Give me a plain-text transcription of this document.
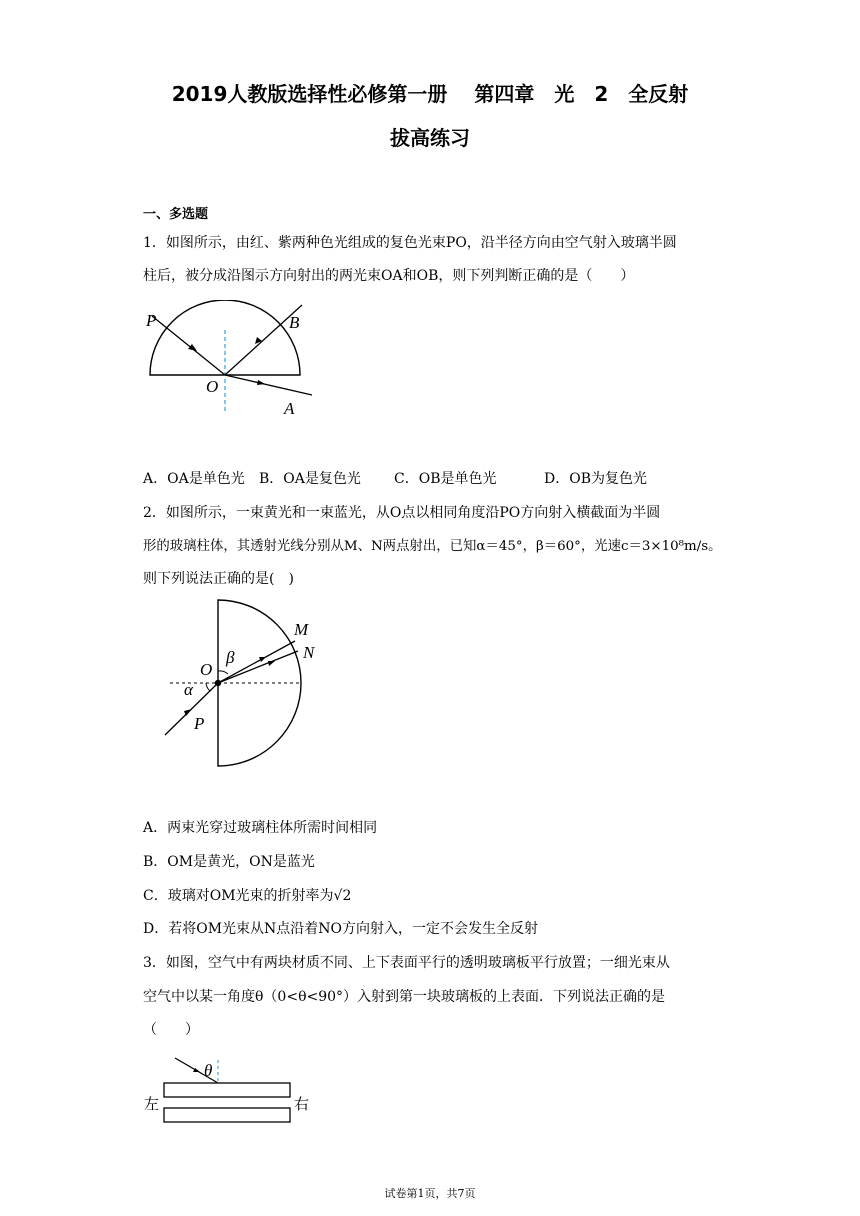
2019人教版选择性必修第一册　 第四章　光　2　全反射
拔高练习
一、多选题
1．如图所示，由红、紫两种色光组成的复色光束PO，沿半径方向由空气射入玻璃半圆
柱后，被分成沿图示方向射出的两光束OA和OB，则下列判断正确的是（　　）
P	B
O
A
A．OA是单色光 B．OA是复色光 C．OB是单色光	D．OB为复色光
2．如图所示，一束黄光和一束蓝光，从O点以相同角度沿PO方向射入横截面为半圆
形的玻璃柱体，其透射光线分别从M、N两点射出，已知α＝45°，β＝60°，光速c＝3×10⁸m/s。
则下列说法正确的是(　)
M
N
O
β
α
P
A．两束光穿过玻璃柱体所需时间相同
B．OM是黄光，ON是蓝光
C．玻璃对OM光束的折射率为√2
D．若将OM光束从N点沿着NO方向射入，一定不会发生全反射
3．如图，空气中有两块材质不同、上下表面平行的透明玻璃板平行放置；一细光束从
空气中以某一角度θ（0<θ<90°）入射到第一块玻璃板的上表面．下列说法正确的是
（　　）
θ
左	右
试卷第1页，共7页
